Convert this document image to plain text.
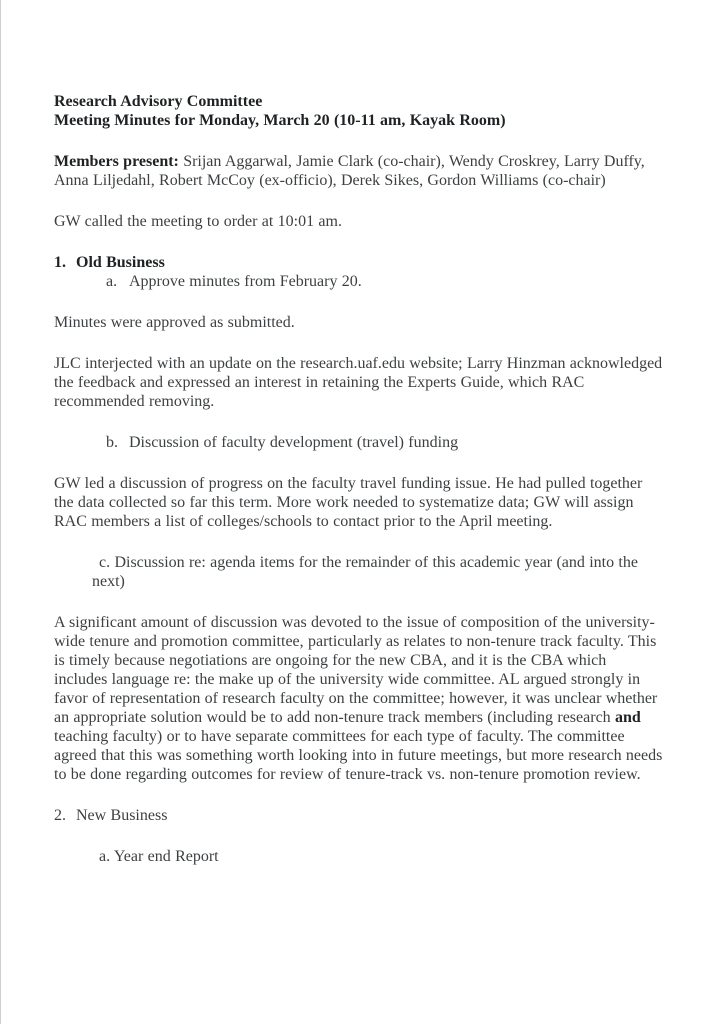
Research Advisory Committee
Meeting Minutes for Monday, March 20 (10-11 am, Kayak Room)

Members present: Srijan Aggarwal, Jamie Clark (co-chair), Wendy Croskrey, Larry Duffy, Anna Liljedahl, Robert McCoy (ex-officio), Derek Sikes, Gordon Williams (co-chair)

GW called the meeting to order at 10:01 am.

1. Old Business

a. Approve minutes from February 20.

Minutes were approved as submitted.

JLC interjected with an update on the research.uaf.edu website; Larry Hinzman acknowledged the feedback and expressed an interest in retaining the Experts Guide, which RAC recommended removing.

b. Discussion of faculty development (travel) funding

GW led a discussion of progress on the faculty travel funding issue. He had pulled together the data collected so far this term. More work needed to systematize data; GW will assign RAC members a list of colleges/schools to contact prior to the April meeting.

c. Discussion re: agenda items for the remainder of this academic year (and into the next)

A significant amount of discussion was devoted to the issue of composition of the university-wide tenure and promotion committee, particularly as relates to non-tenure track faculty. This is timely because negotiations are ongoing for the new CBA, and it is the CBA which includes language re: the make up of the university wide committee. AL argued strongly in favor of representation of research faculty on the committee; however, it was unclear whether an appropriate solution would be to add non-tenure track members (including research and teaching faculty) or to have separate committees for each type of faculty. The committee agreed that this was something worth looking into in future meetings, but more research needs to be done regarding outcomes for review of tenure-track vs. non-tenure promotion review.

2. New Business

a. Year end Report
